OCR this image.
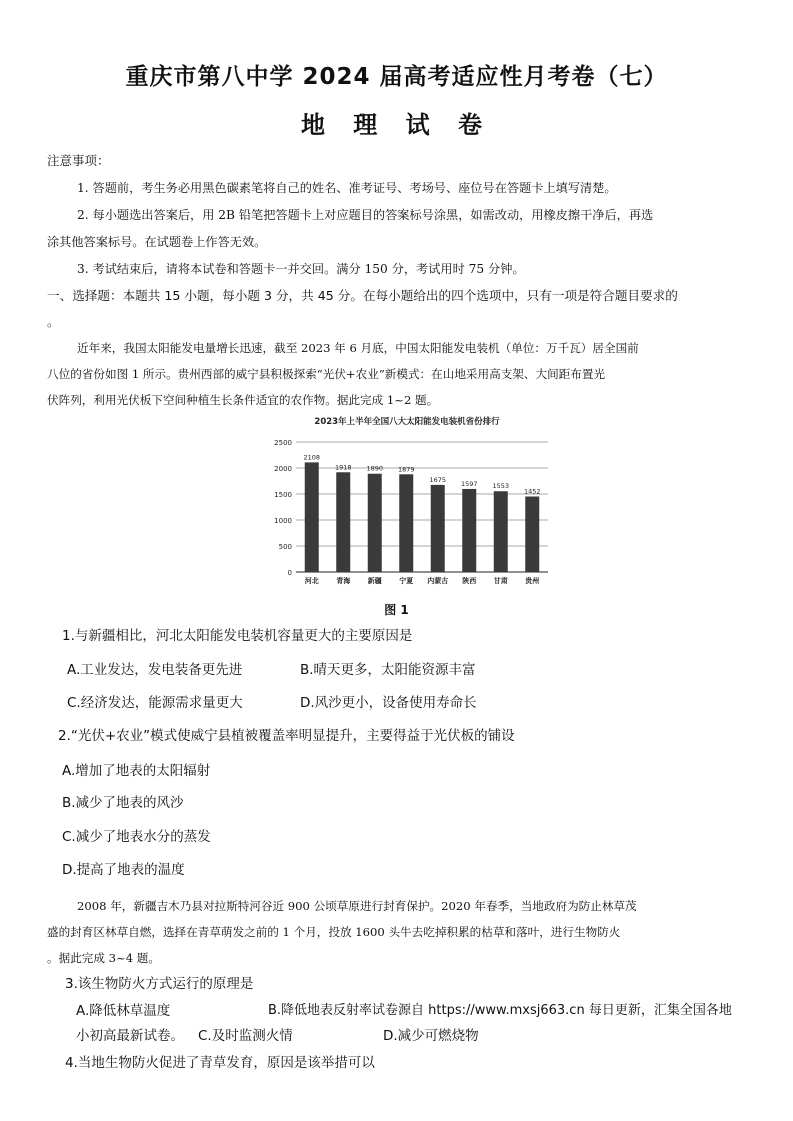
重庆市第八中学 2024 届高考适应性月考卷（七）
地 理 试 卷
注意事项：
1. 答题前，考生务必用黑色碳素笔将自己的姓名、准考证号、考场号、座位号在答题卡上填写清楚。
2. 每小题选出答案后，用 2B 铅笔把答题卡上对应题目的答案标号涂黑，如需改动，用橡皮擦干净后，再选
涂其他答案标号。在试题卷上作答无效。
3. 考试结束后，请将本试卷和答题卡一并交回。满分 150 分，考试用时 75 分钟。
一、选择题：本题共 15 小题，每小题 3 分，共 45 分。在每小题给出的四个选项中，只有一项是符合题目要求的
。
近年来，我国太阳能发电量增长迅速，截至 2023 年 6 月底，中国太阳能发电装机（单位：万千瓦）居全国前
八位的省份如图 1 所示。贵州西部的威宁县积极探索“光伏+农业”新模式：在山地采用高支架、大间距布置光
伏阵列，利用光伏板下空间种植生长条件适宜的农作物。据此完成 1~2 题。
2023年上半年全国八大太阳能发电装机省份排行
0
500
1000
1500
2000
2500
2108
河北
1918
青海
1890
新疆
1879
宁夏
1675
内蒙古
1597
陕西
1553
甘肃
1452
贵州
图 1
1.与新疆相比，河北太阳能发电装机容量更大的主要原因是
A.工业发达，发电装备更先进	B.晴天更多，太阳能资源丰富
C.经济发达，能源需求量更大	D.风沙更小，设备使用寿命长
2.“光伏+农业”模式使威宁县植被覆盖率明显提升，主要得益于光伏板的铺设
A.增加了地表的太阳辐射
B.减少了地表的风沙
C.减少了地表水分的蒸发
D.提高了地表的温度
2008 年，新疆吉木乃县对拉斯特河谷近 900 公顷草原进行封育保护。2020 年春季，当地政府为防止林草茂
盛的封育区林草自燃，选择在青草萌发之前的 1 个月，投放 1600 头牛去吃掉积累的枯草和落叶，进行生物防火
。据此完成 3~4 题。
3.该生物防火方式运行的原理是
A.降低林草温度	B.降低地表反射率试卷源自 https://www.mxsj663.cn 每日更新，汇集全国各地
小初高最新试卷。 C.及时监测火情	D.减少可燃烧物
4.当地生物防火促进了青草发育，原因是该举措可以
